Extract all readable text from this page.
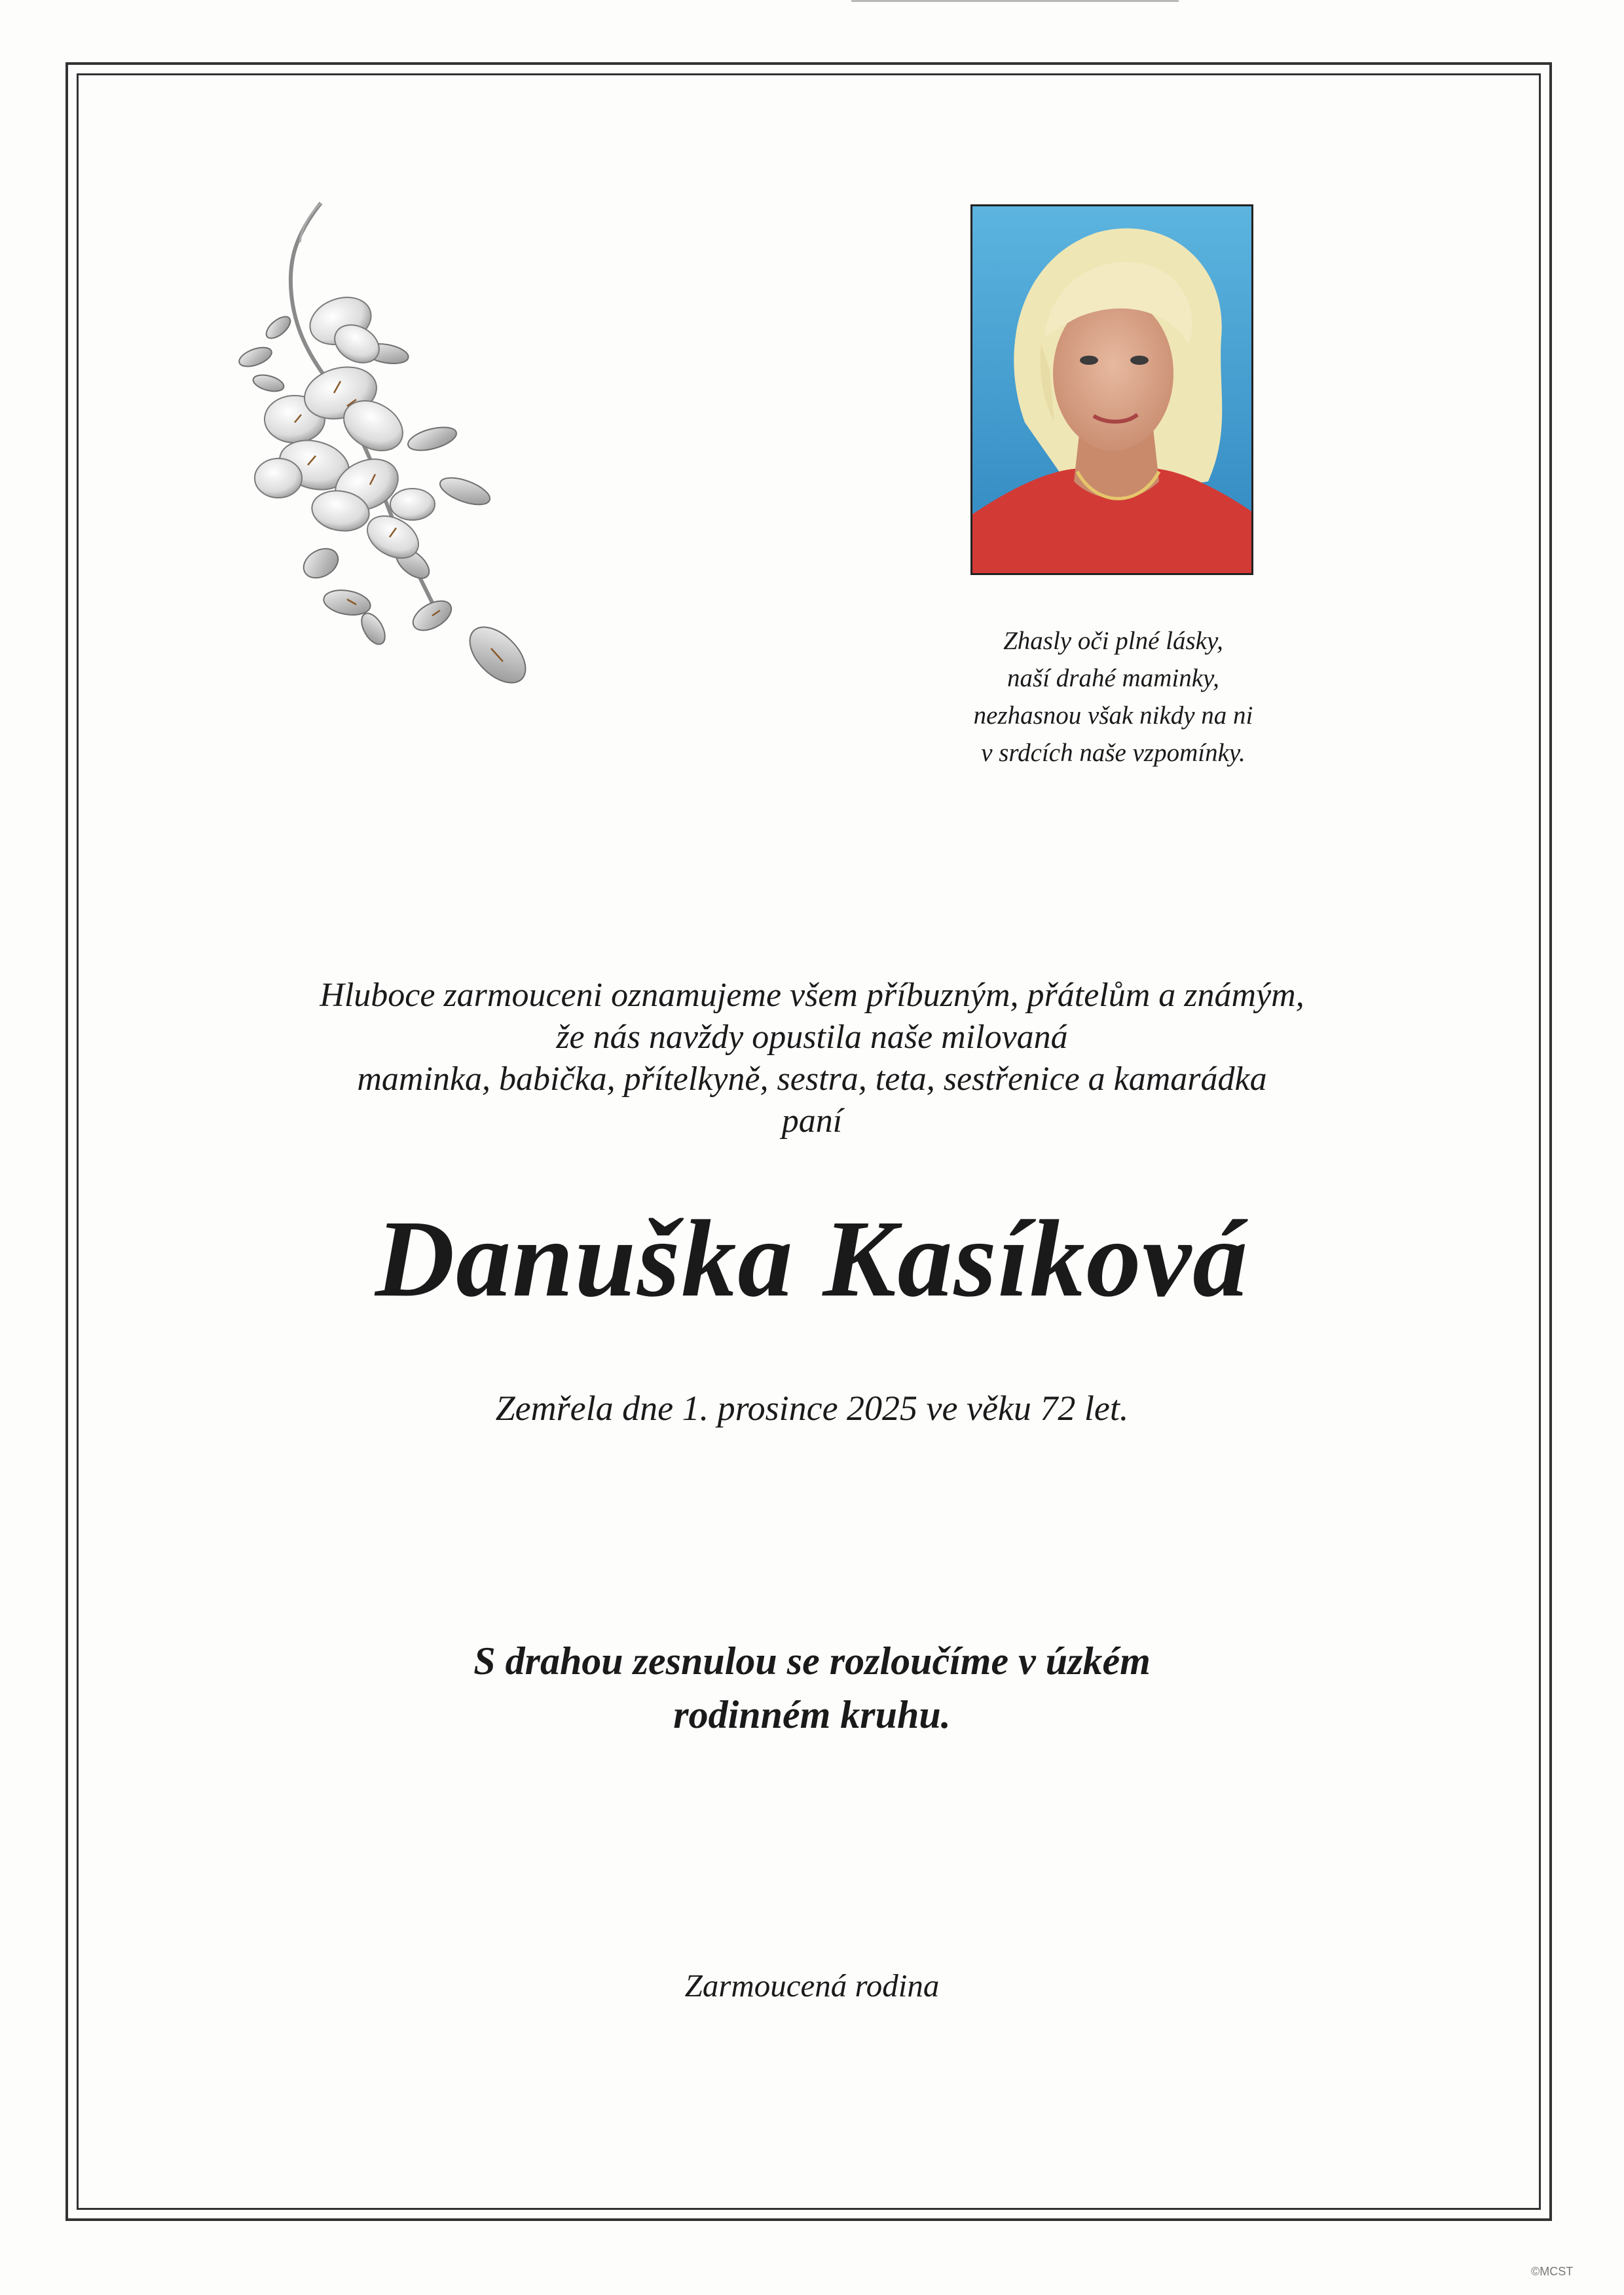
Zhasly oči plné lásky,
naší drahé maminky,
nezhasnou však nikdy na ni
v srdcích naše vzpomínky.
Hluboce zarmouceni oznamujeme všem příbuzným, přátelům a známým,
že nás navždy opustila naše milovaná
maminka, babička, přítelkyně, sestra, teta, sestřenice a kamarádka
paní
Danuška Kasíková
Zemřela dne 1. prosince 2025 ve věku 72 let.
S drahou zesnulou se rozloučíme v úzkém
rodinném kruhu.
Zarmoucená rodina
©MCST
